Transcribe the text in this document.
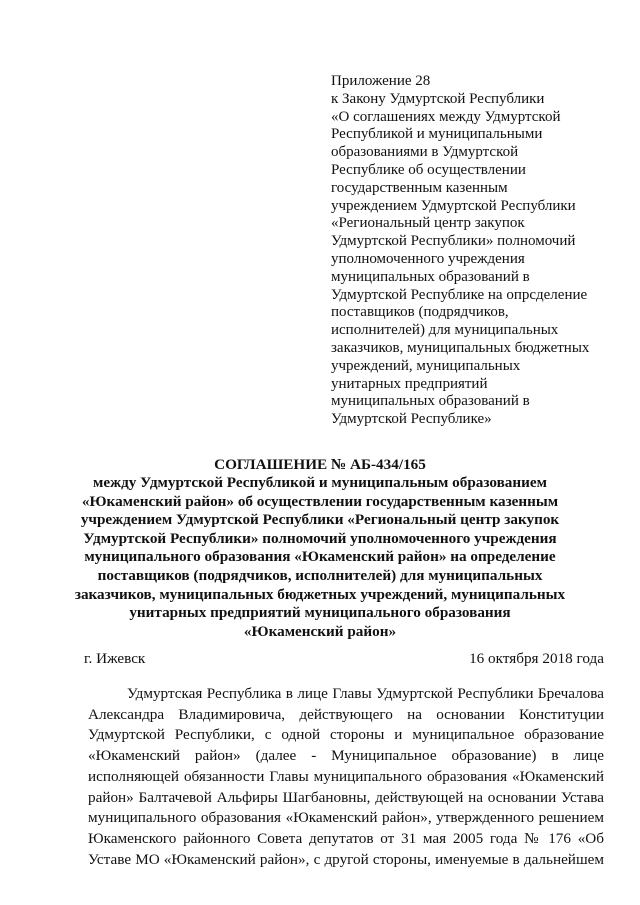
Приложение 28
к Закону Удмуртской Республики
«О соглашениях между Удмуртской
Республикой и муниципальными
образованиями в Удмуртской
Республике об осуществлении
государственным казенным
учреждением Удмуртской Республики
«Региональный центр закупок
Удмуртской Республики» полномочий
уполномоченного учреждения
муниципальных образований в
Удмуртской Республике на опрсделение
поставщиков (подрядчиков,
исполнителей) для муниципальных
заказчиков, муниципальных бюджетных
учреждений, муниципальных
унитарных предприятий
муниципальных образований в
Удмуртской Республике»
СОГЛАШЕНИЕ № АБ-434/165
между Удмуртской Республикой и муниципальным образованием
«Юкаменский район» об осуществлении государственным казенным
учреждением Удмуртской Республики «Региональный центр закупок
Удмуртской Республики» полномочий уполномоченного учреждения
муниципального образования «Юкаменский район» на определение
поставщиков (подрядчиков, исполнителей) для муниципальных
заказчиков, муниципальных бюджетных учреждений, муниципальных
унитарных предприятий муниципального образования
«Юкаменский район»
г. Ижевск	16 октября 2018 года
Удмуртская Республика в лице Главы Удмуртской Республики Бречалова
Александра Владимировича, действующего на основании Конституции
Удмуртской Республики, с одной стороны и муниципальное образование
«Юкаменский район» (далее - Муниципальное образование) в лице
исполняющей обязанности Главы муниципального образования «Юкаменский
район» Балтачевой Альфиры Шагбановны, действующей на основании Устава
муниципального образования «Юкаменский район», утвержденного решением
Юкаменского районного Совета депутатов от 31 мая 2005 года № 176 «Об
Уставе МО «Юкаменский район», с другой стороны, именуемые в дальнейшем
